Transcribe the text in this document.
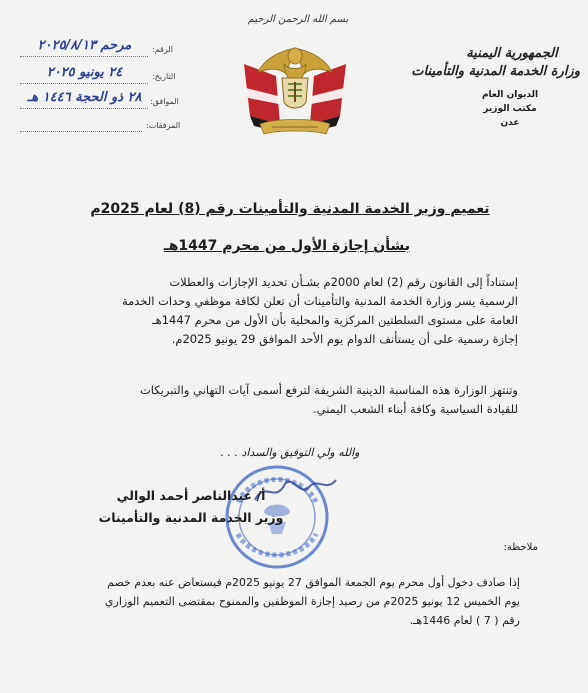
بسم الله الرحمن الرحيم
الجمهورية اليمنية
وزارة الخدمة المدنية والتأمينات
الديوان العام
مكتب الوزير
عدن
الرقم:
مرحم ٢٠٢٥/٨/١٣
التاريخ:
٢٤ يونيو ٢٠٢٥
الموافق:
٢٨ ذو الحجة ١٤٤٦ هـ
المرفقات:
تعميم وزير الخدمة المدنية والتأمينات رقم (8) لعام 2025م
بشأن إجازة الأول من محرم 1447هـ
إستناداً إلى القانون رقم (2) لعام 2000م بشـأن تحديد الإجازات والعطلات
الرسمية يسر وزارة الخدمة المدنية والتأمينات أن تعلن لكافة موظفي وحدات الخدمة
العامة على مستوى السلطتين المركزية والمحلية بأن الأول من محرم 1447هـ
إجازة رسمية على أن يستأنف الدوام يوم الأحد الموافق 29 يونيو 2025م.
وتنتهز الوزارة هذه المناسبة الدينية الشريفة لترفع أسمى آيات التهاني والتبريكات
للقيادة السياسية وكافة أبناء الشعب اليمني.
والله ولي التوفيق والسداد . . .
أ/ عبدالناصر أحمد الوالي
وزير الخدمة المدنية والتأمينات
ملاحظة:
إذا صادف دخول أول محرم يوم الجمعة الموافق 27 يونيو 2025م فيستعاض عنه بعدم خصم
يوم الخميس 12 يونيو 2025م من رصيد إجازة الموظفين والممنوح بمقتضى التعميم الوزاري
رقم ( 7 ) لعام 1446هـ.
